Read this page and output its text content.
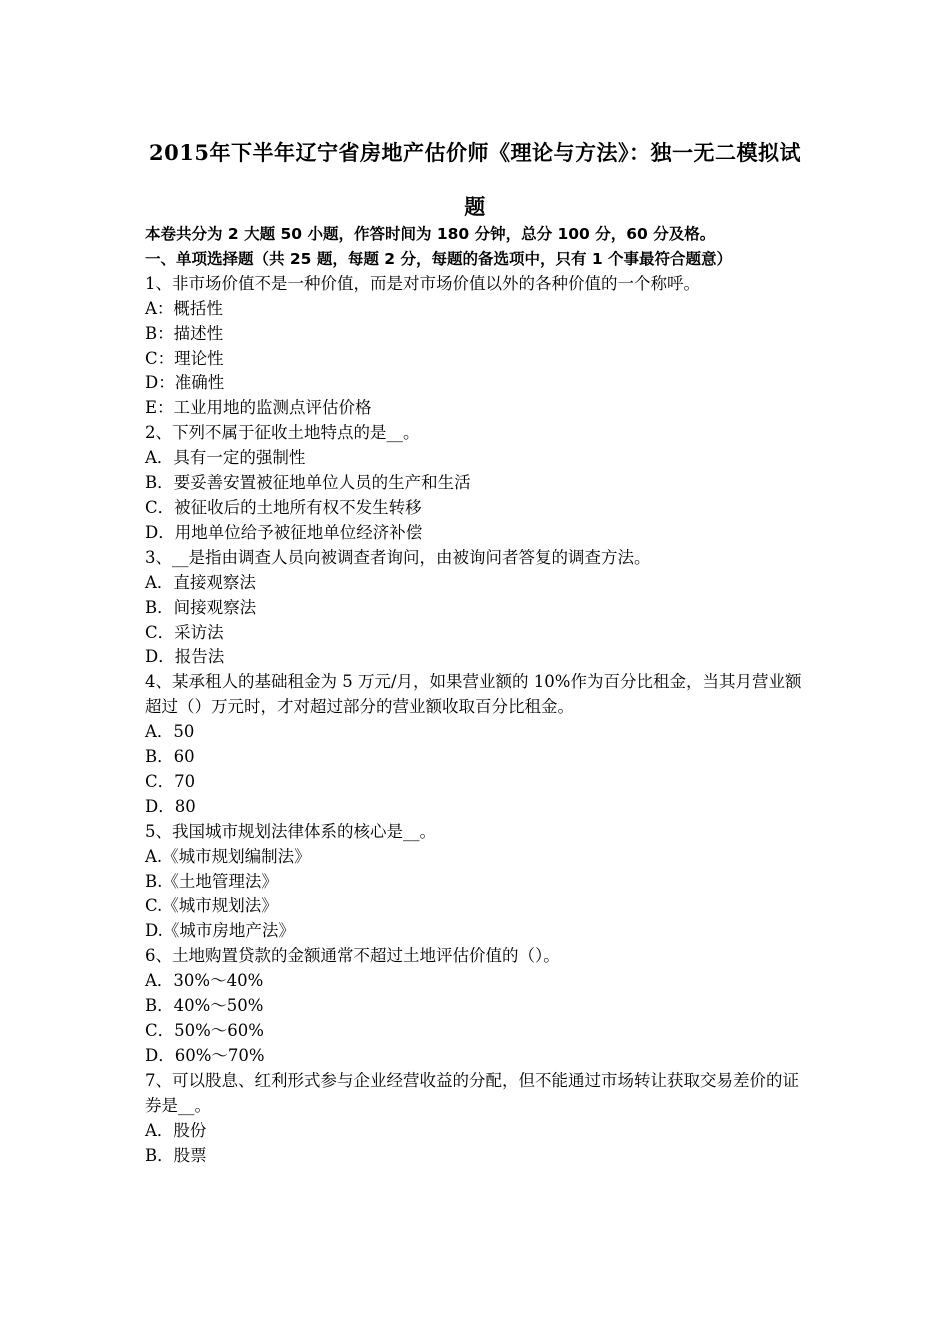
2015年下半年辽宁省房地产估价师《理论与方法》：独一无二模拟试
题
本卷共分为 2 大题 50 小题，作答时间为 180 分钟，总分 100 分，60 分及格。
一、单项选择题（共 25 题，每题 2 分，每题的备选项中，只有 1 个事最符合题意）
1、非市场价值不是一种价值，而是对市场价值以外的各种价值的一个称呼。
A：概括性
B：描述性
C：理论性
D：准确性
E：工业用地的监测点评估价格
2、下列不属于征收土地特点的是__。
A．具有一定的强制性
B．要妥善安置被征地单位人员的生产和生活
C．被征收后的土地所有权不发生转移
D．用地单位给予被征地单位经济补偿
3、__是指由调查人员向被调查者询问，由被询问者答复的调查方法。
A．直接观察法
B．间接观察法
C．采访法
D．报告法
4、某承租人的基础租金为 5 万元/月，如果营业额的 10%作为百分比租金，当其月营业额超过（）万元时，才对超过部分的营业额收取百分比租金。
A．50
B．60
C．70
D．80
5、我国城市规划法律体系的核心是__。
A.《城市规划编制法》
B.《土地管理法》
C.《城市规划法》
D.《城市房地产法》
6、土地购置贷款的金额通常不超过土地评估价值的（）。
A．30%～40%
B．40%～50%
C．50%～60%
D．60%～70%
7、可以股息、红利形式参与企业经营收益的分配，但不能通过市场转让获取交易差价的证券是__。
A．股份
B．股票
